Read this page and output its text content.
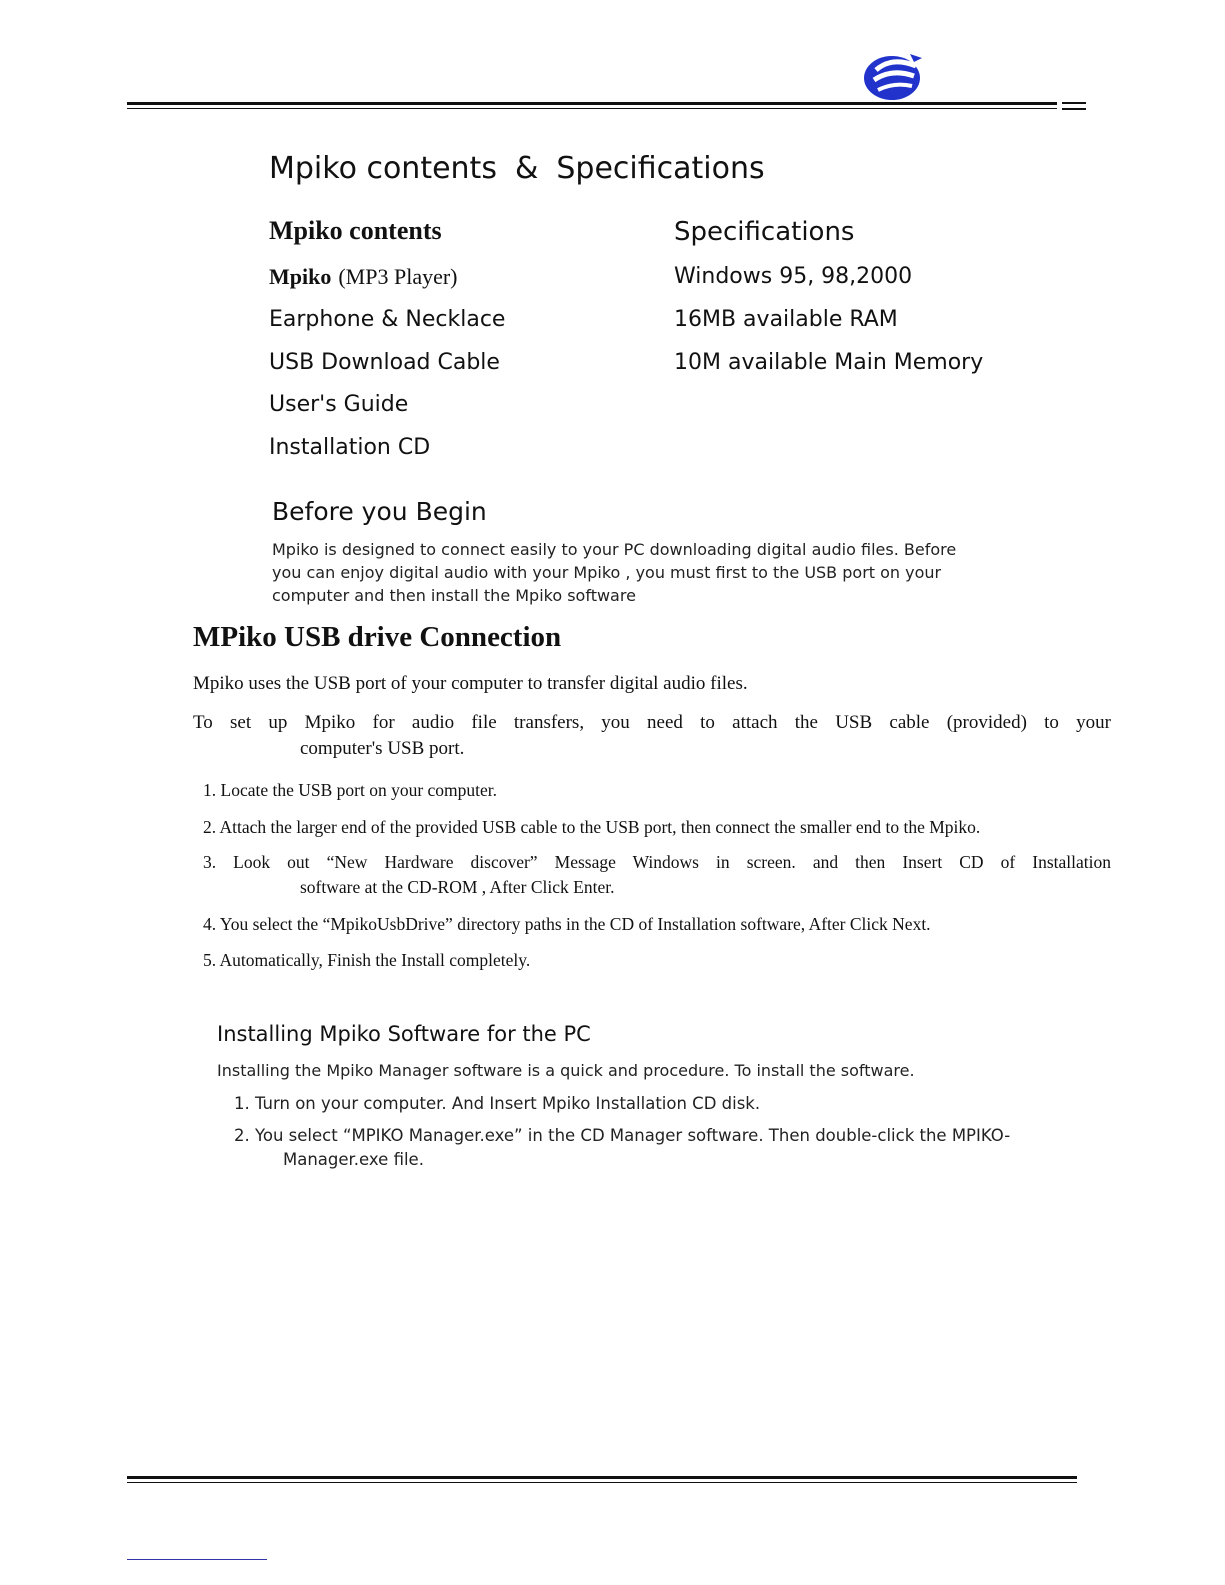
Mpiko contents & Specifications
Mpiko contents
Mpiko (MP3 Player)
Earphone & Necklace
USB Download Cable
User's Guide
Installation CD
Specifications
Windows 95, 98,2000
16MB available RAM
10M available Main Memory
Before you Begin
Mpiko is designed to connect easily to your PC downloading digital audio files. Before
you can enjoy digital audio with your Mpiko , you must first to the USB port on your
computer and then install the Mpiko software
MPiko USB drive Connection
Mpiko uses the USB port of your computer to transfer digital audio files.
To set up Mpiko for audio file transfers, you need to attach the USB cable (provided) to your
computer's USB port.
1. Locate the USB port on your computer.
2. Attach the larger end of the provided USB cable to the USB port, then connect the smaller end to the Mpiko.
3. Look out “New Hardware discover” Message Windows in screen. and then Insert CD of Installation
software at the CD-ROM , After Click Enter.
4. You select the “MpikoUsbDrive” directory paths in the CD of Installation software, After Click Next.
5. Automatically, Finish the Install completely.
Installing Mpiko Software for the PC
Installing the Mpiko Manager software is a quick and procedure. To install the software.
1. Turn on your computer. And Insert Mpiko Installation CD disk.
2. You select “MPIKO Manager.exe” in the CD Manager software. Then double-click the MPIKO-
Manager.exe file.
